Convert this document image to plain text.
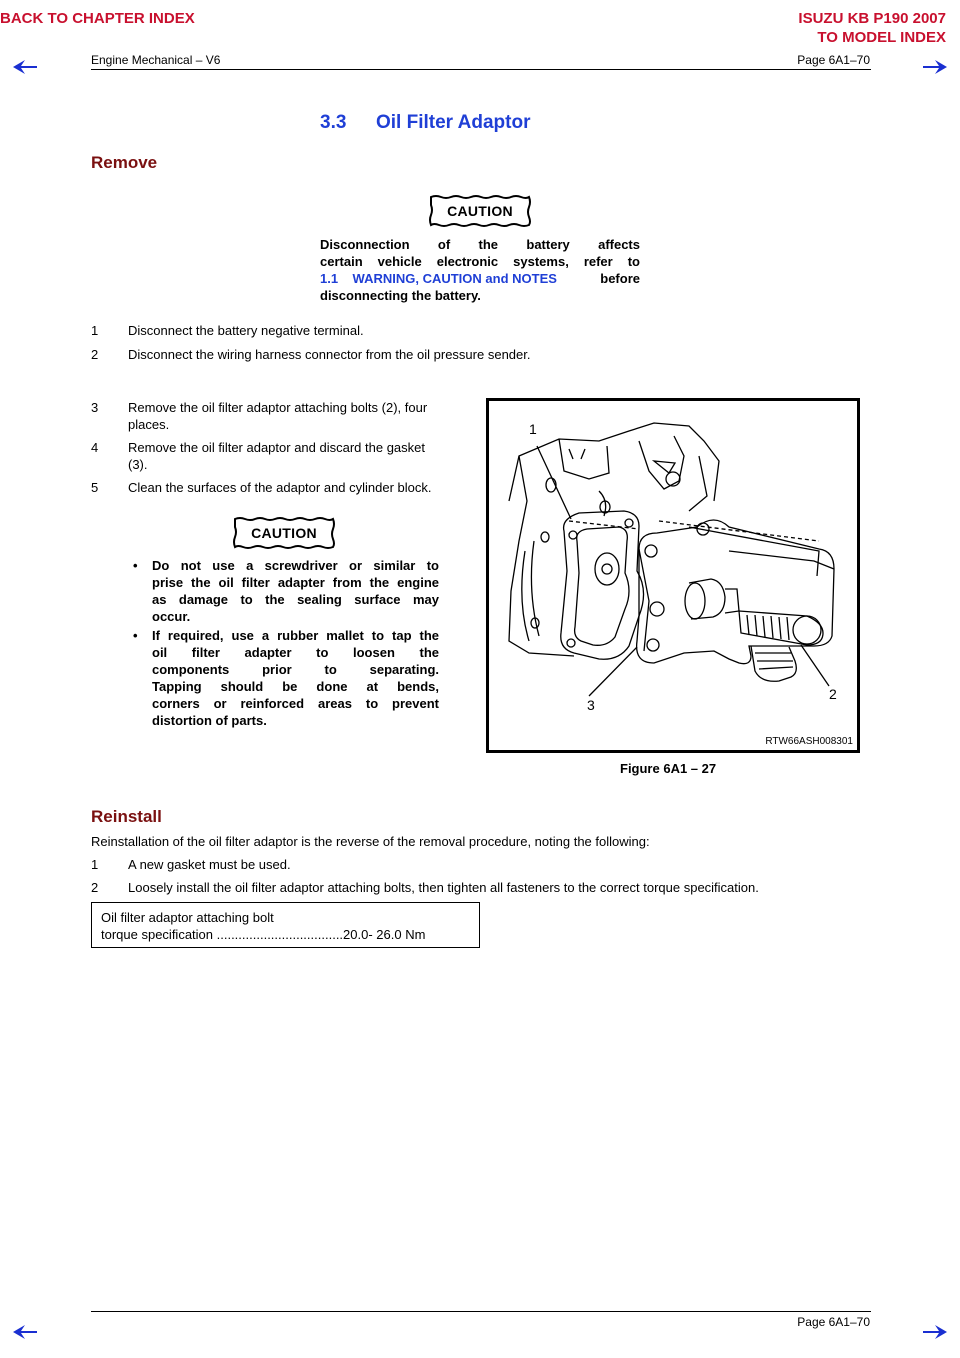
BACK TO CHAPTER INDEX	ISUZU KB P190 2007
TO MODEL INDEX
Engine Mechanical – V6	Page 6A1–70
3.3 Oil Filter Adaptor
Remove
CAUTION
Disconnection of the battery affects
certain vehicle electronic systems, refer to
1.1    WARNING, CAUTION and NOTES	before
disconnecting the battery.
1	Disconnect the battery negative terminal.
2	Disconnect the wiring harness connector from the oil pressure sender.
3	Remove the oil filter adaptor attaching bolts (2), four
places.
4	Remove the oil filter adaptor and discard the gasket
(3).
5	Clean the surfaces of the adaptor and cylinder block.
CAUTION
• Do not use a screwdriver or similar to
prise the oil filter adapter from the engine
as damage to the sealing surface may
occur.
• If required, use a rubber mallet to tap the
oil filter adapter to loosen the
components prior to separating.
Tapping should be done at bends,
corners or reinforced areas to prevent
distortion of parts.
1
2
3
RTW66ASH008301
Figure 6A1 – 27
Reinstall
Reinstallation of the oil filter adaptor is the reverse of the removal procedure, noting the following:
1	A new gasket must be used.
2	Loosely install the oil filter adaptor attaching bolts, then tighten all fasteners to the correct torque specification.
Oil filter adaptor attaching bolt
torque specification ...................................20.0- 26.0 Nm
Page 6A1–70
